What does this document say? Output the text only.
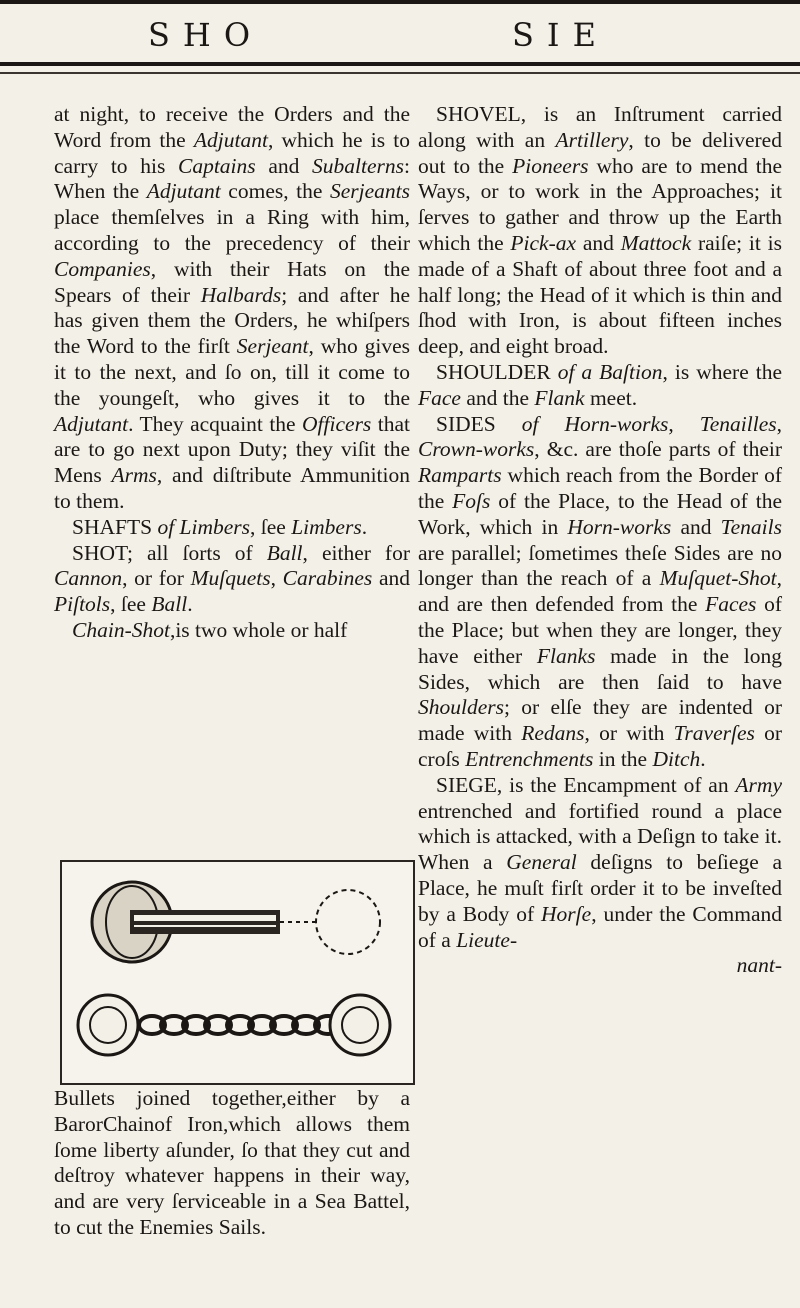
SHO	SIE

at night, to receive the Orders and the Word from the Adjutant, which he is to carry to his Captains and Subalterns: When the Adjutant comes, the Serjeants place themſelves in a Ring with him, according to the precedency of their Companies, with their Hats on the Spears of their Halbards; and after he has given them the Orders, he whiſpers the Word to the firſt Serjeant, who gives it to the next, and ſo on, till it come to the youngeſt, who gives it to the Adjutant. They acquaint the Officers that are to go next upon Duty; they viſit the Mens Arms, and diſtribute Ammunition to them.

SHAFTS of Limbers, ſee Limbers.

SHOT; all ſorts of Ball, either for Cannon, or for Muſquets, Carabines and Piſtols, ſee Ball.

Chain-Shot,is two whole or half

Bullets joined together,either by a BarorChainof Iron,which allows them ſome liberty aſunder, ſo that they cut and deſtroy whatever happens in their way, and are very ſerviceable in a Sea Battel, to cut the Enemies Sails.

SHOVEL, is an Inſtrument carried along with an Artillery, to be delivered out to the Pioneers who are to mend the Ways, or to work in the Approaches; it ſerves to gather and throw up the Earth which the Pick-ax and Mattock raiſe; it is made of a Shaft of about three foot and a half long; the Head of it which is thin and ſhod with Iron, is about fifteen inches deep, and eight broad.

SHOULDER of a Baſtion, is where the Face and the Flank meet.

SIDES of Horn-works, Tenailles, Crown-works, &c. are thoſe parts of their Ramparts which reach from the Border of the Foſs of the Place, to the Head of the Work, which in Horn-works and Tenails are parallel; ſometimes theſe Sides are no longer than the reach of a Muſquet-Shot, and are then defended from the Faces of the Place; but when they are longer, they have either Flanks made in the long Sides, which are then ſaid to have Shoulders; or elſe they are indented or made with Redans, or with Traverſes or croſs Entrenchments in the Ditch.

SIEGE, is the Encampment of an Army entrenched and fortified round a place which is attacked, with a Deſign to take it. When a General deſigns to beſiege a Place, he muſt firſt order it to be inveſted by a Body of Horſe, under the Command of a Lieute-

nant-
